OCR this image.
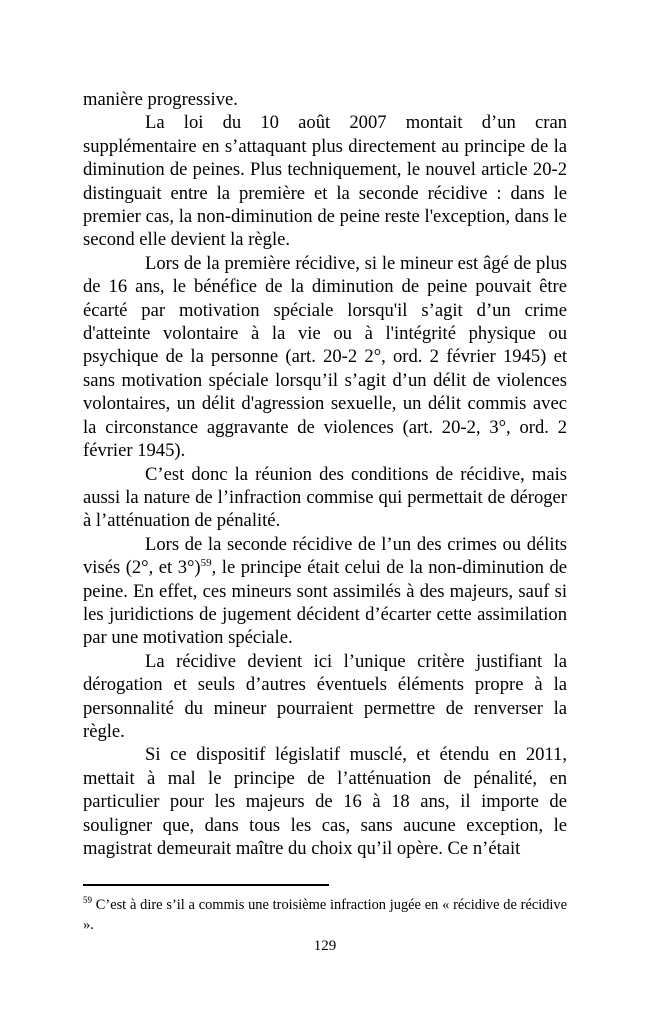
manière progressive.

La loi du 10 août 2007 montait d’un cran supplémentaire en s’attaquant plus directement au principe de la diminution de peines. Plus techniquement, le nouvel article 20-2 distinguait entre la première et la seconde récidive : dans le premier cas, la non-diminution de peine reste l'exception, dans le second elle devient la règle.

Lors de la première récidive, si le mineur est âgé de plus de 16 ans, le bénéfice de la diminution de peine pouvait être écarté par motivation spéciale lorsqu'il s’agit d’un crime d'atteinte volontaire à la vie ou à l'intégrité physique ou psychique de la personne (art. 20-2 2°, ord. 2 février 1945) et sans motivation spéciale lorsqu’il s’agit d’un délit de violences volontaires, un délit d'agression sexuelle, un délit commis avec la circonstance aggravante de violences (art. 20-2, 3°, ord. 2 février 1945).

C’est donc la réunion des conditions de récidive, mais aussi la nature de l’infraction commise qui permettait de déroger à l’atténuation de pénalité.

Lors de la seconde récidive de l’un des crimes ou délits visés (2°, et 3°)$^{59}$, le principe était celui de la non-diminution de peine. En effet, ces mineurs sont assimilés à des majeurs, sauf si les juridictions de jugement décident d’écarter cette assimilation par une motivation spéciale.

La récidive devient ici l’unique critère justifiant la dérogation et seuls d’autres éventuels éléments propre à la personnalité du mineur pourraient permettre de renverser la règle.

Si ce dispositif législatif musclé, et étendu en 2011, mettait à mal le principe de l’atténuation de pénalité, en particulier pour les majeurs de 16 à 18 ans, il importe de souligner que, dans tous les cas, sans aucune exception, le magistrat demeurait maître du choix qu’il opère. Ce n’était

$^{59}$ C’est à dire s’il a commis une troisième infraction jugée en « récidive de récidive ».
129
